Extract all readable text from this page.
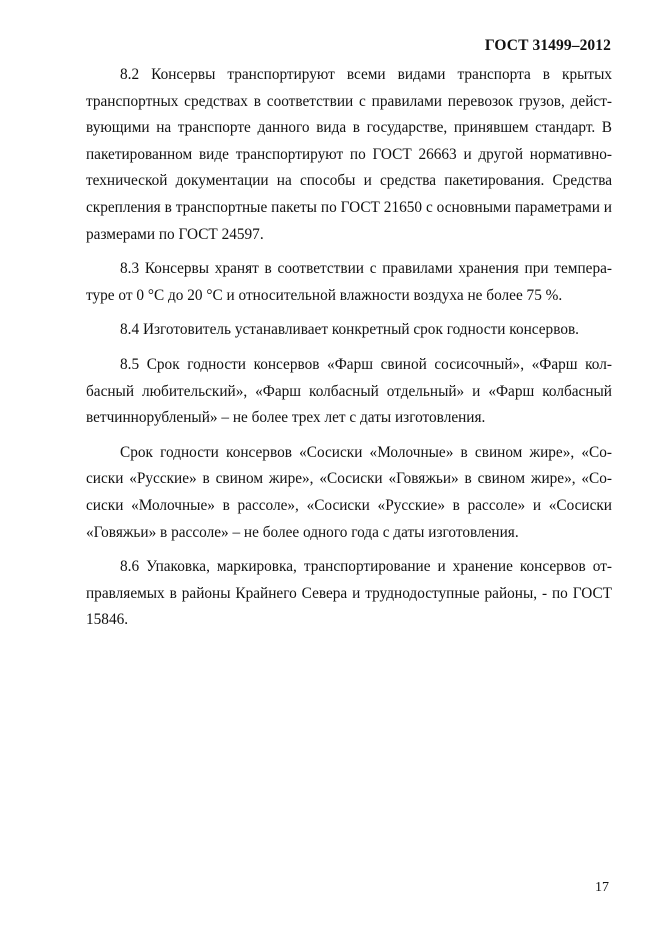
ГОСТ 31499–2012

8.2 Консервы транспортируют всеми видами транспорта в крытых транспортных средствах в соответствии с правилами перевозок грузов, действующими на транспорте данного вида в государстве, принявшем стандарт. В пакетированном виде транспортируют по ГОСТ 26663 и другой нормативно-технической документации на способы и средства пакетирования. Средства скрепления в транспортные пакеты по ГОСТ 21650 с основными параметрами и размерами по ГОСТ 24597.

8.3 Консервы хранят в соответствии с правилами хранения при температуре от 0 °С до 20 °С и относительной влажности воздуха не более 75 %.

8.4 Изготовитель устанавливает конкретный срок годности консервов.

8.5 Срок годности консервов «Фарш свиной сосисочный», «Фарш колбасный любительский», «Фарш колбасный отдельный» и «Фарш колбасный ветчиннорубленый» – не более трех лет с даты изготовления.

Срок годности консервов «Сосиски «Молочные» в свином жире», «Сосиски «Русские» в свином жире», «Сосиски «Говяжьи» в свином жире», «Сосиски «Молочные» в рассоле», «Сосиски «Русские» в рассоле» и «Сосиски «Говяжьи» в рассоле» – не более одного года с даты изготовления.

8.6 Упаковка, маркировка, транспортирование и хранение консервов отправляемых в районы Крайнего Севера и труднодоступные районы, ‑ по ГОСТ 15846.

17
